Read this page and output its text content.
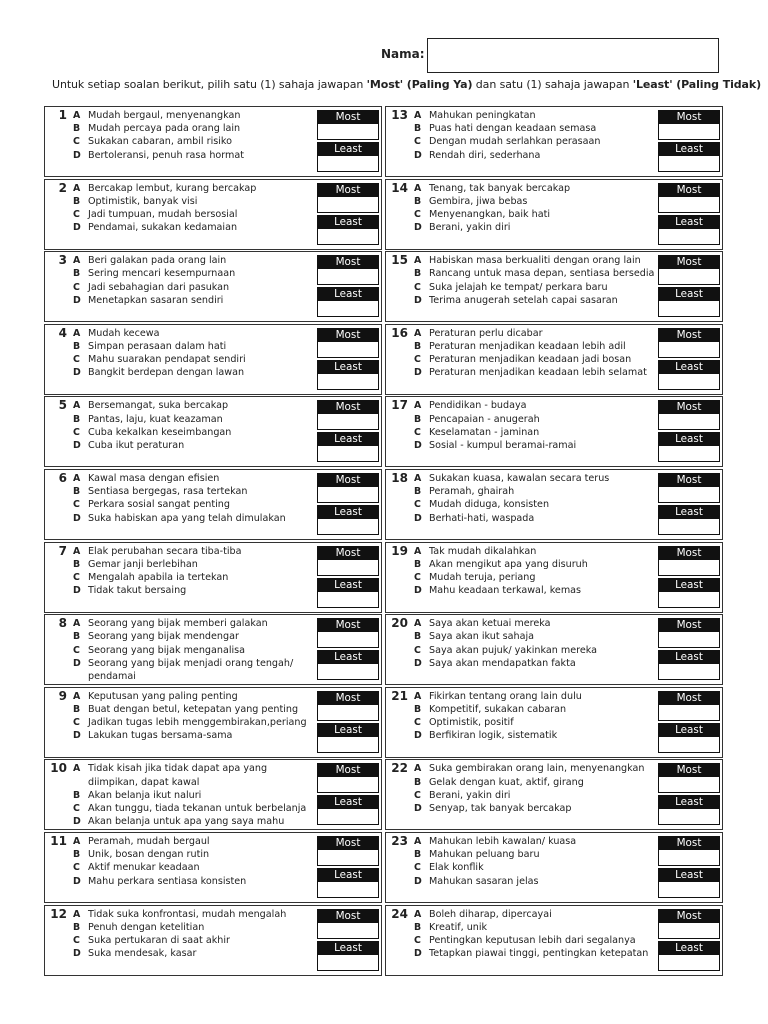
Nama:
Untuk setiap soalan berikut, pilih satu (1) sahaja jawapan 'Most' (Paling Ya) dan satu (1) sahaja jawapan 'Least' (Paling Tidak)
1 A Mudah bergaul, menyenangkan
B Mudah percaya pada orang lain
C Sukakan cabaran, ambil risiko
D Bertoleransi, penuh rasa hormat
Most
Least
2 A Bercakap lembut, kurang bercakap
B Optimistik, banyak visi
C Jadi tumpuan, mudah bersosial
D Pendamai, sukakan kedamaian
Most
Least
3 A Beri galakan pada orang lain
B Sering mencari kesempurnaan
C Jadi sebahagian dari pasukan
D Menetapkan sasaran sendiri
Most
Least
4 A Mudah kecewa
B Simpan perasaan dalam hati
C Mahu suarakan pendapat sendiri
D Bangkit berdepan dengan lawan
Most
Least
5 A Bersemangat, suka bercakap
B Pantas, laju, kuat keazaman
C Cuba kekalkan keseimbangan
D Cuba ikut peraturan
Most
Least
6 A Kawal masa dengan efisien
B Sentiasa bergegas, rasa tertekan
C Perkara sosial sangat penting
D Suka habiskan apa yang telah dimulakan
Most
Least
7 A Elak perubahan secara tiba-tiba
B Gemar janji berlebihan
C Mengalah apabila ia tertekan
D Tidak takut bersaing
Most
Least
8 A Seorang yang bijak memberi galakan
B Seorang yang bijak mendengar
C Seorang yang bijak menganalisa
D Seorang yang bijak menjadi orang tengah/ pendamai
Most
Least
9 A Keputusan yang paling penting
B Buat dengan betul, ketepatan yang penting
C Jadikan tugas lebih menggembirakan,periang
D Lakukan tugas bersama-sama
Most
Least
10 A Tidak kisah jika tidak dapat apa yang diimpikan, dapat kawal
B Akan belanja ikut naluri
C Akan tunggu, tiada tekanan untuk berbelanja
D Akan belanja untuk apa yang saya mahu
Most
Least
11 A Peramah, mudah bergaul
B Unik, bosan dengan rutin
C Aktif menukar keadaan
D Mahu perkara sentiasa konsisten
Most
Least
12 A Tidak suka konfrontasi, mudah mengalah
B Penuh dengan ketelitian
C Suka pertukaran di saat akhir
D Suka mendesak, kasar
Most
Least
13 A Mahukan peningkatan
B Puas hati dengan keadaan semasa
C Dengan mudah serlahkan perasaan
D Rendah diri, sederhana
Most
Least
14 A Tenang, tak banyak bercakap
B Gembira, jiwa bebas
C Menyenangkan, baik hati
D Berani, yakin diri
Most
Least
15 A Habiskan masa berkualiti dengan orang lain
B Rancang untuk masa depan, sentiasa bersedia
C Suka jelajah ke tempat/ perkara baru
D Terima anugerah setelah capai sasaran
Most
Least
16 A Peraturan perlu dicabar
B Peraturan menjadikan keadaan lebih adil
C Peraturan menjadikan keadaan jadi bosan
D Peraturan menjadikan keadaan lebih selamat
Most
Least
17 A Pendidikan - budaya
B Pencapaian - anugerah
C Keselamatan - jaminan
D Sosial - kumpul beramai-ramai
Most
Least
18 A Sukakan kuasa, kawalan secara terus
B Peramah, ghairah
C Mudah diduga, konsisten
D Berhati-hati, waspada
Most
Least
19 A Tak mudah dikalahkan
B Akan mengikut apa yang disuruh
C Mudah teruja, periang
D Mahu keadaan terkawal, kemas
Most
Least
20 A Saya akan ketuai mereka
B Saya akan ikut sahaja
C Saya akan pujuk/ yakinkan mereka
D Saya akan mendapatkan fakta
Most
Least
21 A Fikirkan tentang orang lain dulu
B Kompetitif, sukakan cabaran
C Optimistik, positif
D Berfikiran logik, sistematik
Most
Least
22 A Suka gembirakan orang lain, menyenangkan
B Gelak dengan kuat, aktif, girang
C Berani, yakin diri
D Senyap, tak banyak bercakap
Most
Least
23 A Mahukan lebih kawalan/ kuasa
B Mahukan peluang baru
C Elak konflik
D Mahukan sasaran jelas
Most
Least
24 A Boleh diharap, dipercayai
B Kreatif, unik
C Pentingkan keputusan lebih dari segalanya
D Tetapkan piawai tinggi, pentingkan ketepatan
Most
Least
